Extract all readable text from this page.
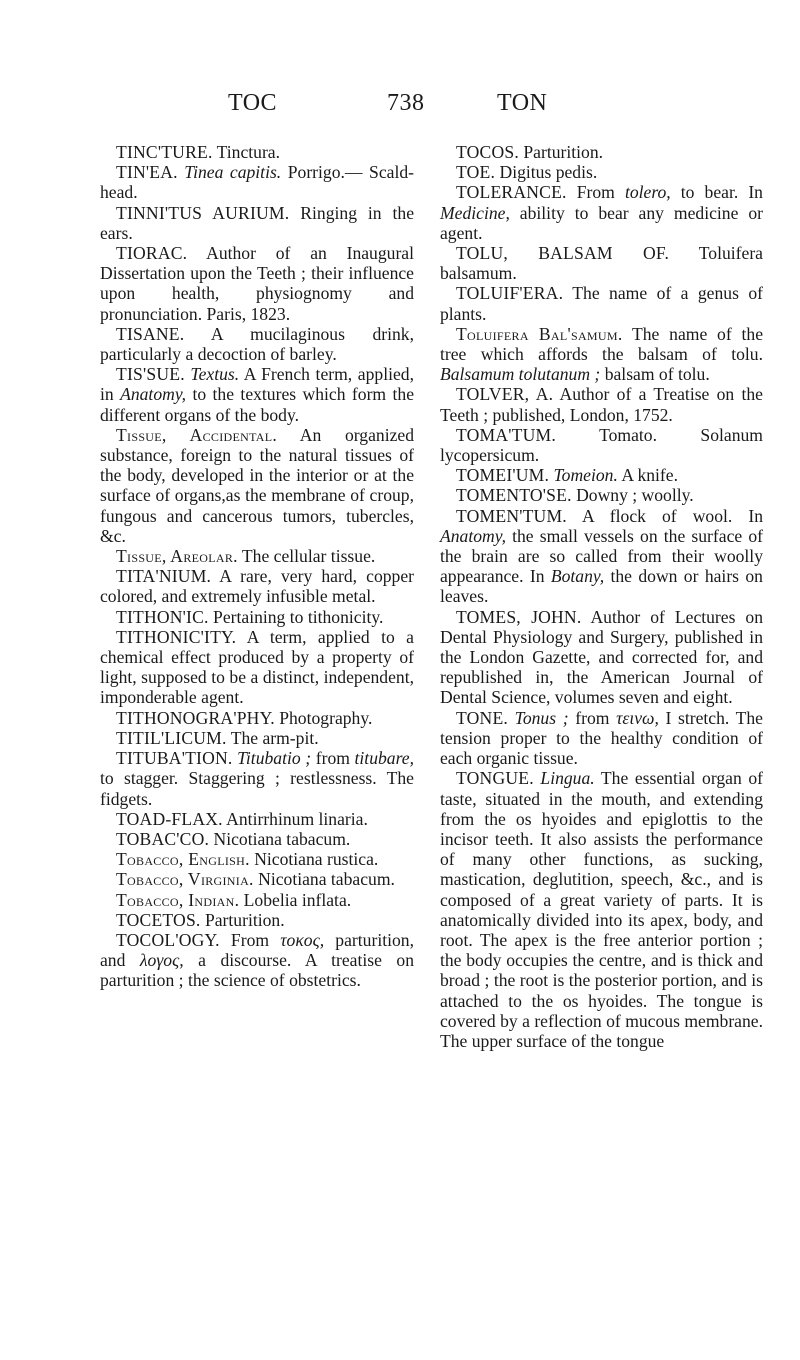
TOC	738	TON

TINC'TURE. Tinctura.

TIN'EA. Tinea capitis. Porrigo.— Scald-head.

TINNI'TUS AURIUM. Ringing in the ears.

TIORAC. Author of an Inaugural Dissertation upon the Teeth ; their influence upon health, physiognomy and pronunciation. Paris, 1823.

TISANE. A mucilaginous drink, particularly a decoction of barley.

TIS'SUE. Textus. A French term, applied, in Anatomy, to the textures which form the different organs of the body.

Tissue, Accidental. An organized substance, foreign to the natural tissues of the body, developed in the interior or at the surface of organs,as the membrane of croup, fungous and cancerous tumors, tubercles, &c.

Tissue, Areolar. The cellular tissue.

TITA'NIUM. A rare, very hard, copper colored, and extremely infusible metal.

TITHON'IC. Pertaining to tithonicity.

TITHONIC'ITY. A term, applied to a chemical effect produced by a property of light, supposed to be a distinct, independent, imponderable agent.

TITHONOGRA'PHY. Photography.

TITIL'LICUM. The arm-pit.

TITUBA'TION. Titubatio ; from titubare, to stagger. Staggering ; restlessness. The fidgets.

TOAD-FLAX. Antirrhinum linaria.

TOBAC'CO. Nicotiana tabacum.

Tobacco, English. Nicotiana rustica.

Tobacco, Virginia. Nicotiana tabacum.

Tobacco, Indian. Lobelia inflata.

TOCETOS. Parturition.

TOCOL'OGY. From τοκος, parturition, and λογος, a discourse. A treatise on parturition ; the science of obstetrics.

TOCOS. Parturition.

TOE. Digitus pedis.

TOLERANCE. From tolero, to bear. In Medicine, ability to bear any medicine or agent.

TOLU, BALSAM OF. Toluifera balsamum.

TOLUIF'ERA. The name of a genus of plants.

Toluifera Bal'samum. The name of the tree which affords the balsam of tolu. Balsamum tolutanum ; balsam of tolu.

TOLVER, A. Author of a Treatise on the Teeth ; published, London, 1752.

TOMA'TUM. Tomato. Solanum lycopersicum.

TOMEI'UM. Tomeion. A knife.

TOMENTO'SE. Downy ; woolly.

TOMEN'TUM. A flock of wool. In Anatomy, the small vessels on the surface of the brain are so called from their woolly appearance. In Botany, the down or hairs on leaves.

TOMES, JOHN. Author of Lectures on Dental Physiology and Surgery, published in the London Gazette, and corrected for, and republished in, the American Journal of Dental Science, volumes seven and eight.

TONE. Tonus ; from τεινω, I stretch. The tension proper to the healthy condition of each organic tissue.

TONGUE. Lingua. The essential organ of taste, situated in the mouth, and extending from the os hyoides and epiglottis to the incisor teeth. It also assists the performance of many other functions, as sucking, mastication, deglutition, speech, &c., and is composed of a great variety of parts. It is anatomically divided into its apex, body, and root. The apex is the free anterior portion ; the body occupies the centre, and is thick and broad ; the root is the posterior portion, and is attached to the os hyoides. The tongue is covered by a reflection of mucous membrane. The upper surface of the tongue
